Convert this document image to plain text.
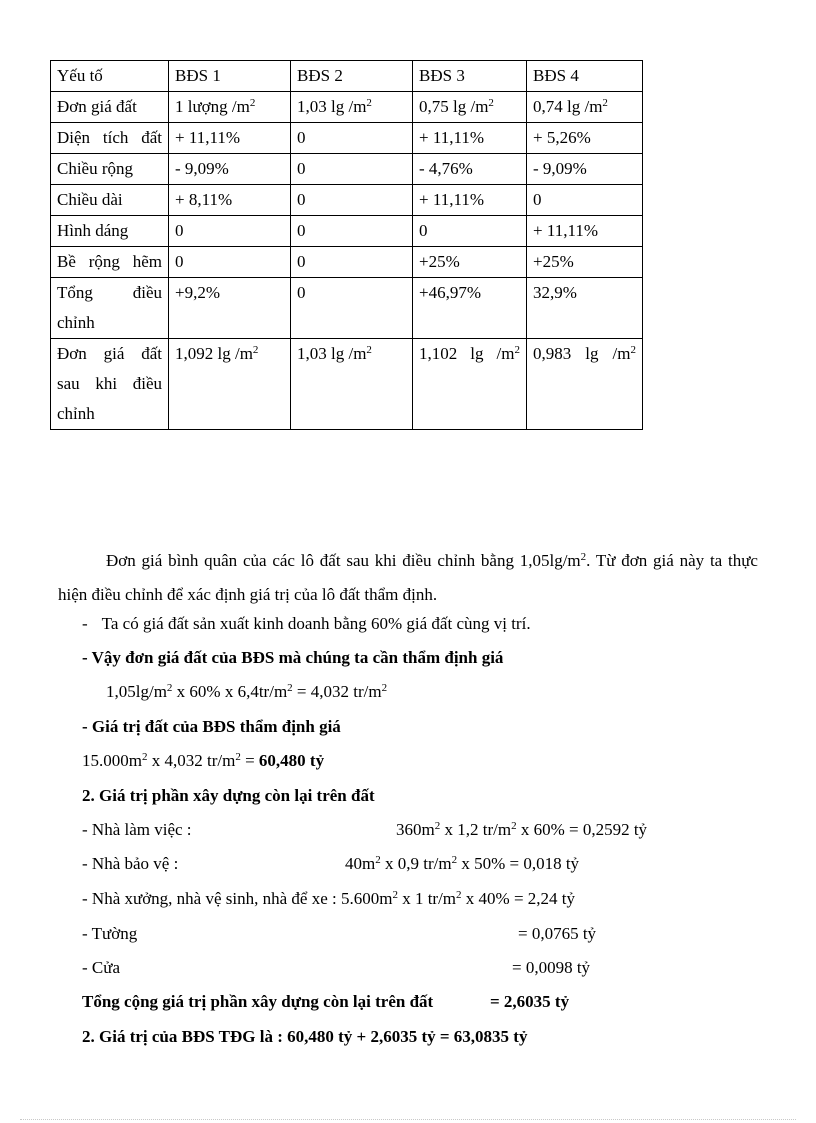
Yếu tố	BĐS 1	BĐS 2	BĐS 3	BĐS 4
Đơn giá đất	1 lượng $/m^2$	1,03 $\lg /m^2$	0,75 $\lg /m^2$	0,74 $\lg /m^2$
Diện tích đất	+ 11,11%	0	+ 11,11%	+ 5,26%
Chiều rộng	- 9,09%	0	- 4,76%	- 9,09%
Chiều dài	+ 8,11%	0	+ 11,11%	0
Hình dáng	0	0	0	+ 11,11%
Bề rộng hẽm	0	0	+25%	+25%
Tổng điều chỉnh	+9,2%	0	+46,97%	32,9%
Đơn giá đất sau khi điều chỉnh	1,092 $\lg /m^2$	1,03 $\lg /m^2$	1,102 $\lg /m^2$	0,983 $\lg /m^2$
Đơn giá bình quân của các lô đất sau khi điều chỉnh bằng $1,05\lg/m^2$. Từ đơn giá này ta thực hiện điều chỉnh để xác định giá trị của lô đất thẩm định.
- Ta có giá đất sản xuất kinh doanh bằng 60% giá đất cùng vị trí.
- Vậy đơn giá đất của BĐS mà chúng ta cần thẩm định giá
$1,05\lg/m^2$ x 60% x $6,4tr/m^2 = 4,032$ $tr/m^2$
- Giá trị đất của BĐS thẩm định giá
$15.000m^2$ x 4,032 $tr/m^2 = 60,480$ tỷ
2. Giá trị phần xây dựng còn lại trên đất
- Nhà làm việc :	$360m^2$ x 1,2 $tr/m^2$ x 60% = 0,2592 tỷ
- Nhà bảo vệ :	$40m^2$ x 0,9 $tr/m^2$ x 50% = 0,018 tỷ
- Nhà xưởng, nhà vệ sinh, nhà để xe : $5.600m^2$ x 1 $tr/m^2$ x 40% = 2,24 tỷ
- Tường	= 0,0765 tỷ
- Cửa	= 0,0098 tỷ
Tổng cộng giá trị phần xây dựng còn lại trên đất	= 2,6035 tỷ
2. Giá trị của BĐS TĐG là : 60,480 tỷ + 2,6035 tỷ = 63,0835 tỷ
